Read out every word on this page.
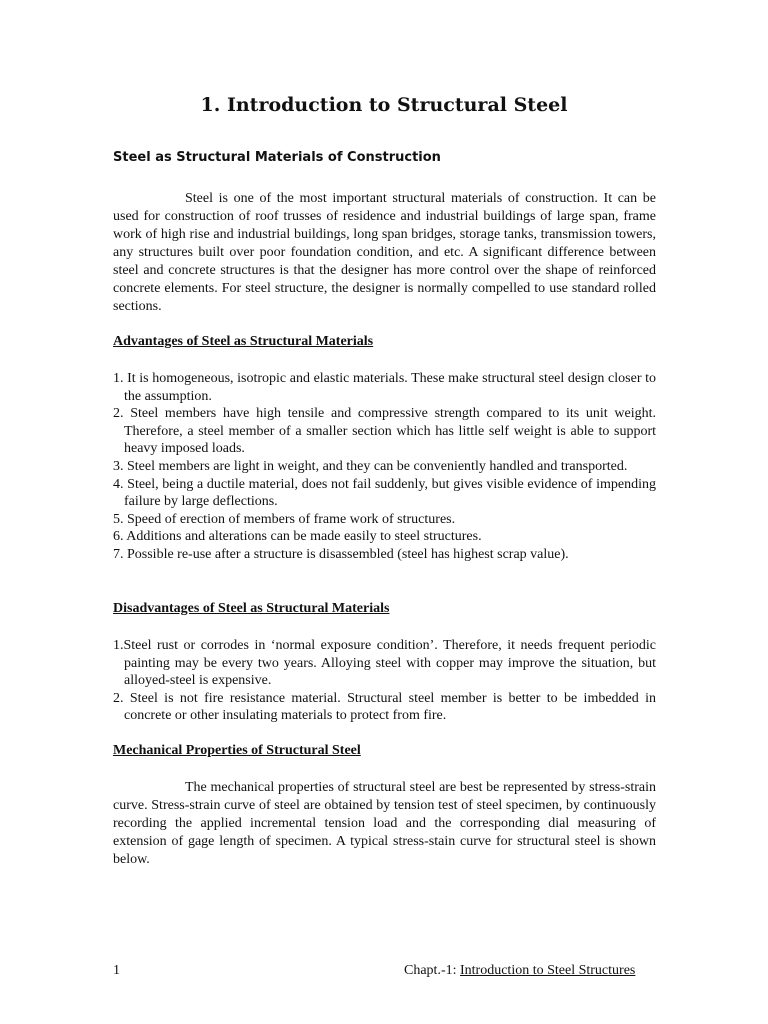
1. Introduction to Structural Steel
Steel as Structural Materials of Construction

Steel is one of the most important structural materials of construction. It can be used for construction of roof trusses of residence and industrial buildings of large span, frame work of high rise and industrial buildings, long span bridges, storage tanks, transmission towers, any structures built over poor foundation condition, and etc. A significant difference between steel and concrete structures is that the designer has more control over the shape of reinforced concrete elements. For steel structure, the designer is normally compelled to use standard rolled sections.

Advantages of Steel as Structural Materials
1. It is homogeneous, isotropic and elastic materials. These make structural steel design closer to the assumption.
2. Steel members have high tensile and compressive strength compared to its unit weight. Therefore, a steel member of a smaller section which has little self weight is able to support heavy imposed loads.
3. Steel members are light in weight, and they can be conveniently handled and transported.
4. Steel, being a ductile material, does not fail suddenly, but gives visible evidence of impending failure by large deflections.
5. Speed of erection of members of frame work of structures.
6. Additions and alterations can be made easily to steel structures.
7. Possible re-use after a structure is disassembled (steel has highest scrap value).
Disadvantages of Steel as Structural Materials
1.Steel rust or corrodes in ‘normal exposure condition’. Therefore, it needs frequent periodic painting may be every two years. Alloying steel with copper may improve the situation, but alloyed-steel is expensive.
2. Steel is not fire resistance material. Structural steel member is better to be imbedded in concrete or other insulating materials to protect from fire.
Mechanical Properties of Structural Steel

The mechanical properties of structural steel are best be represented by stress-strain curve. Stress-strain curve of steel are obtained by tension test of steel specimen, by continuously recording the applied incremental tension load and the corresponding dial measuring of extension of gage length of specimen. A typical stress-stain curve for structural steel is shown below.

1	Chapt.-1: Introduction to Steel Structures
